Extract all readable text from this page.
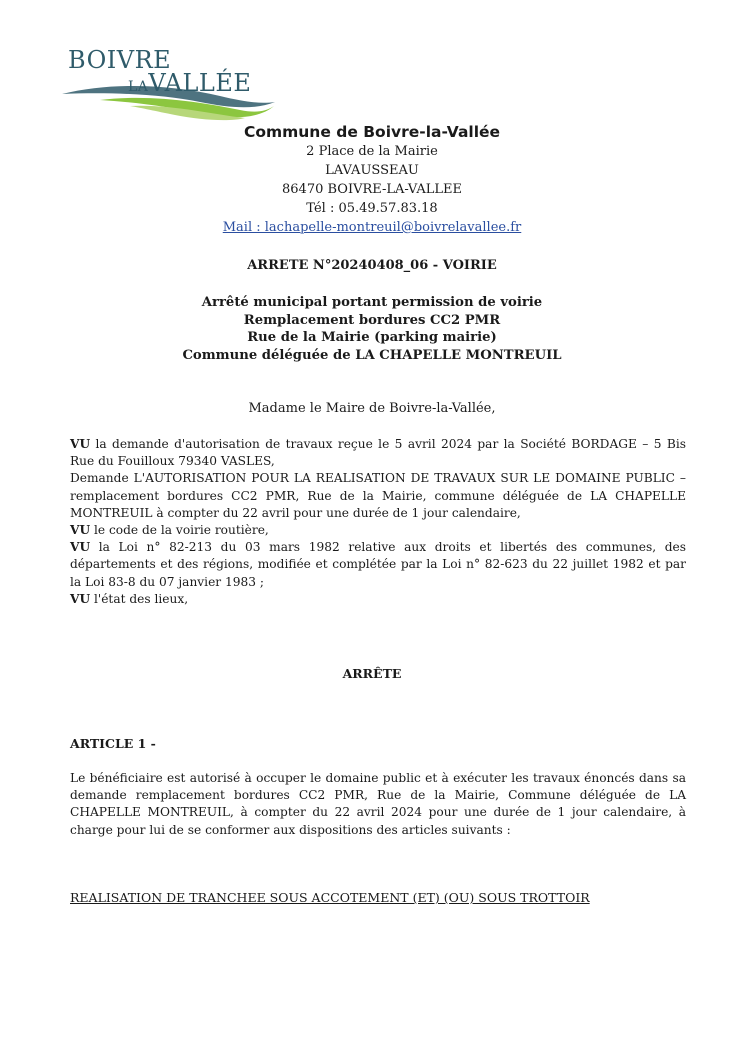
BOIVRE
LAVALLÉE
Commune de Boivre-la-Vallée
2 Place de la Mairie
LAVAUSSEAU
86470 BOIVRE-LA-VALLEE
Tél : 05.49.57.83.18
Mail : lachapelle-montreuil@boivrelavallee.fr
ARRETE N°20240408_06 - VOIRIE
Arrêté municipal portant permission de voirie
Remplacement bordures CC2 PMR
Rue de la Mairie (parking mairie)
Commune déléguée de LA CHAPELLE MONTREUIL
Madame le Maire de Boivre-la-Vallée,

VU la demande d'autorisation de travaux reçue le 5 avril 2024 par la Société BORDAGE – 5 Bis Rue du Fouilloux 79340 VASLES,

Demande L'AUTORISATION POUR LA REALISATION DE TRAVAUX SUR LE DOMAINE PUBLIC – remplacement bordures CC2 PMR, Rue de la Mairie, commune déléguée de LA CHAPELLE MONTREUIL à compter du 22 avril pour une durée de 1 jour calendaire,

VU le code de la voirie routière,

VU la Loi n° 82-213 du 03 mars 1982 relative aux droits et libertés des communes, des départements et des régions, modifiée et complétée par la Loi n° 82-623 du 22 juillet 1982 et par la Loi 83-8 du 07 janvier 1983 ;

VU l'état des lieux,

ARRÊTE
ARTICLE 1 -

Le bénéficiaire est autorisé à occuper le domaine public et à exécuter les travaux énoncés dans sa demande remplacement bordures CC2 PMR, Rue de la Mairie, Commune déléguée de LA CHAPELLE MONTREUIL, à compter du 22 avril 2024 pour une durée de 1 jour calendaire, à charge pour lui de se conformer aux dispositions des articles suivants :

REALISATION DE TRANCHEE SOUS ACCOTEMENT (ET) (OU) SOUS TROTTOIR
